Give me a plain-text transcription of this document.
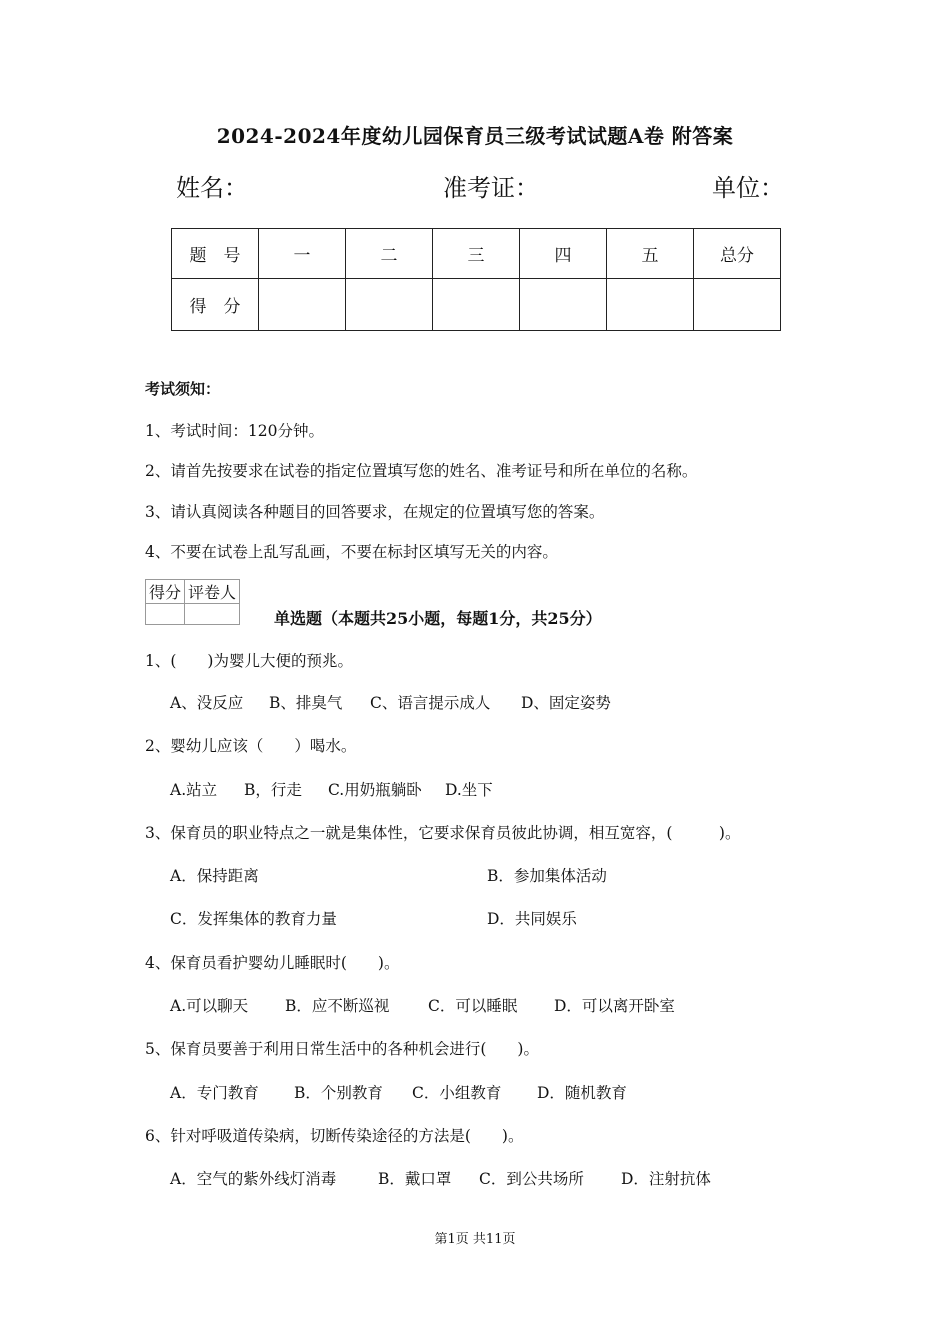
2024-2024年度幼儿园保育员三级考试试题A卷 附答案
姓名：	准考证：	单位：
题　号	一	二	三	四	五	总分
得　分						
考试须知：
1、考试时间：120分钟。
2、请首先按要求在试卷的指定位置填写您的姓名、准考证号和所在单位的名称。
3、请认真阅读各种题目的回答要求，在规定的位置填写您的答案。
4、不要在试卷上乱写乱画，不要在标封区填写无关的内容。
得分	评卷人

单选题（本题共25小题，每题1分，共25分）
1、(　　)为婴儿大便的预兆。
A、没反应 B、排臭气 C、语言提示成人 D、固定姿势
2、婴幼儿应该（　　）喝水。
A.站立 B，行走 C.用奶瓶躺卧 D.坐下
3、保育员的职业特点之一就是集体性，它要求保育员彼此协调，相互宽容，(　　　)。
A．保持距离	B．参加集体活动
C．发挥集体的教育力量	D．共同娱乐
4、保育员看护婴幼儿睡眠时(　　)。
A.可以聊天 B．应不断巡视 C．可以睡眠 D．可以离开卧室
5、保育员要善于利用日常生活中的各种机会进行(　　)。
A．专门教育 B．个别教育 C．小组教育 D．随机教育
6、针对呼吸道传染病，切断传染途径的方法是(　　)。
A．空气的紫外线灯消毒	B．戴口罩 C．到公共场所 D．注射抗体
第1页 共11页
